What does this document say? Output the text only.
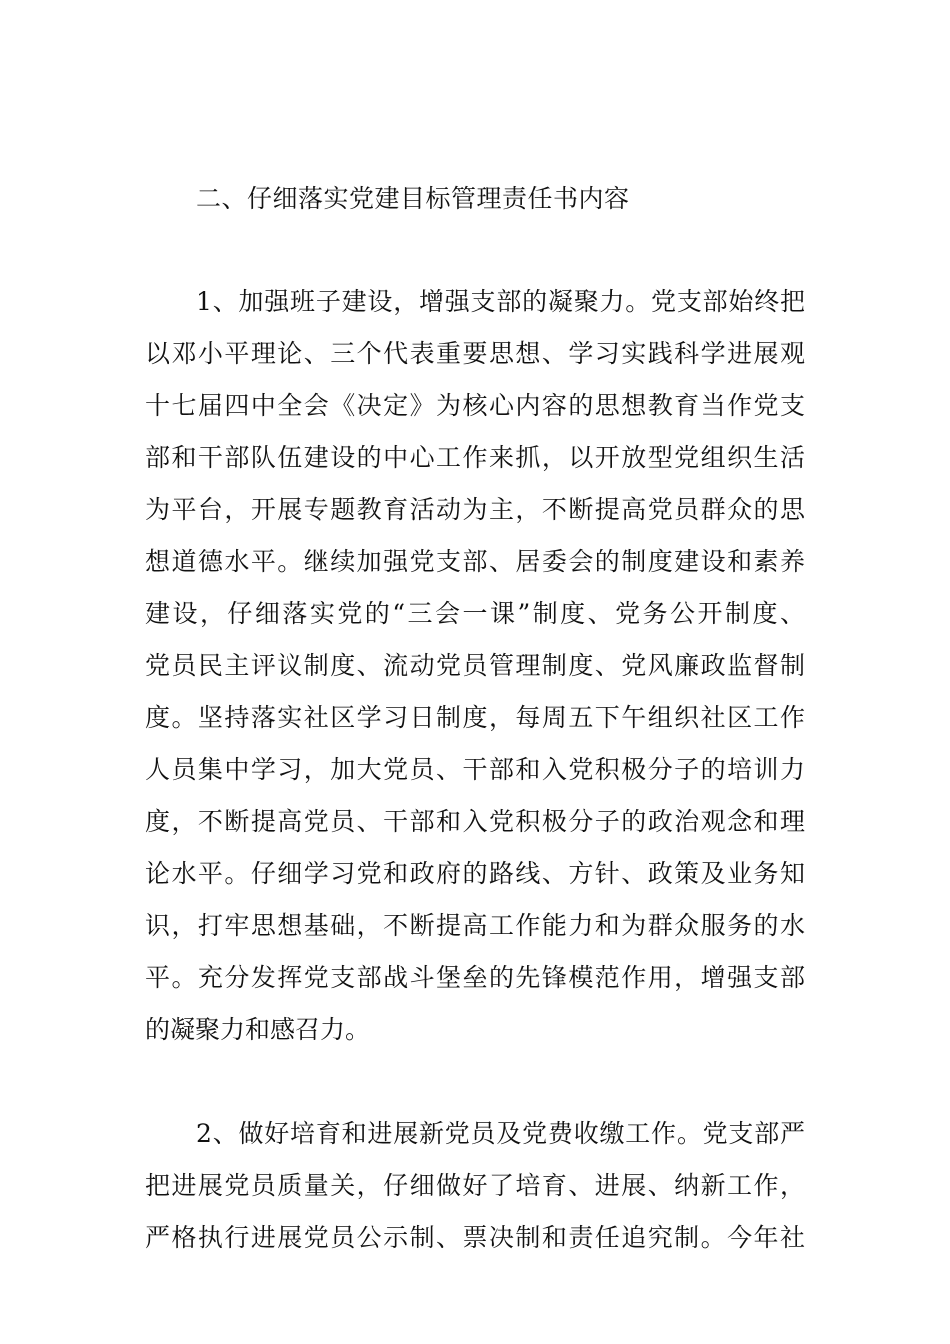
二、仔细落实党建目标管理责任书内容
1、加强班子建设，增强支部的凝聚力。党支部始终把
以邓小平理论、三个代表重要思想、学习实践科学进展观
十七届四中全会《决定》为核心内容的思想教育当作党支
部和干部队伍建设的中心工作来抓，以开放型党组织生活
为平台，开展专题教育活动为主，不断提高党员群众的思
想道德水平。继续加强党支部、居委会的制度建设和素养
建设，仔细落实党的“三会一课”制度、党务公开制度、
党员民主评议制度、流动党员管理制度、党风廉政监督制
度。坚持落实社区学习日制度，每周五下午组织社区工作
人员集中学习，加大党员、干部和入党积极分子的培训力
度，不断提高党员、干部和入党积极分子的政治观念和理
论水平。仔细学习党和政府的路线、方针、政策及业务知
识，打牢思想基础，不断提高工作能力和为群众服务的水
平。充分发挥党支部战斗堡垒的先锋模范作用，增强支部
的凝聚力和感召力。
2、做好培育和进展新党员及党费收缴工作。党支部严
把进展党员质量关，仔细做好了培育、进展、纳新工作，
严格执行进展党员公示制、票决制和责任追究制。今年社
